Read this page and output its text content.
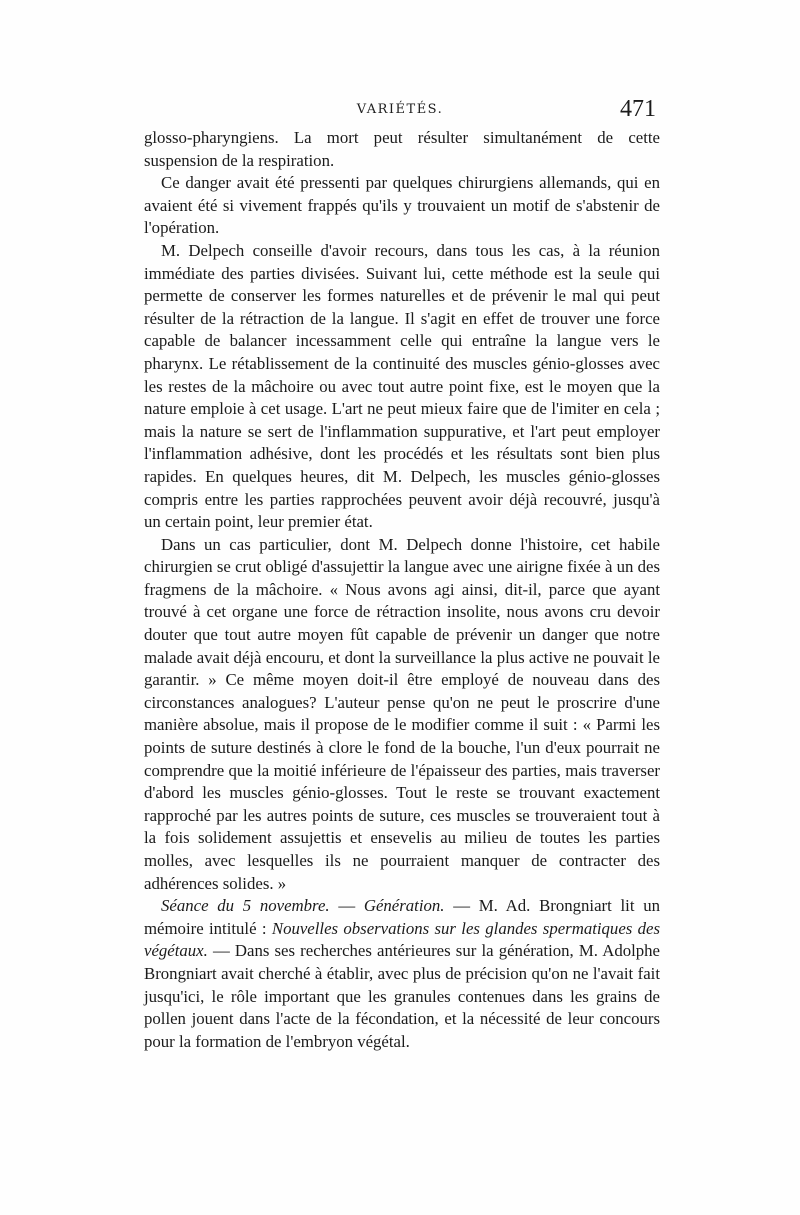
VARIÉTÉS.	471

glosso-pharyngiens. La mort peut résulter simultanément de cette suspension de la respiration.

Ce danger avait été pressenti par quelques chirurgiens allemands, qui en avaient été si vivement frappés qu'ils y trouvaient un motif de s'abstenir de l'opération.

M. Delpech conseille d'avoir recours, dans tous les cas, à la réunion immédiate des parties divisées. Suivant lui, cette méthode est la seule qui permette de conserver les formes naturelles et de prévenir le mal qui peut résulter de la rétraction de la langue. Il s'agit en effet de trouver une force capable de balancer incessamment celle qui entraîne la langue vers le pharynx. Le rétablissement de la continuité des muscles génio-glosses avec les restes de la mâchoire ou avec tout autre point fixe, est le moyen que la nature emploie à cet usage. L'art ne peut mieux faire que de l'imiter en cela ; mais la nature se sert de l'inflammation suppurative, et l'art peut employer l'inflammation adhésive, dont les procédés et les résultats sont bien plus rapides. En quelques heures, dit M. Delpech, les muscles génio-glosses compris entre les parties rapprochées peuvent avoir déjà recouvré, jusqu'à un certain point, leur premier état.

Dans un cas particulier, dont M. Delpech donne l'histoire, cet habile chirurgien se crut obligé d'assujettir la langue avec une airigne fixée à un des fragmens de la mâchoire. « Nous avons agi ainsi, dit-il, parce que ayant trouvé à cet organe une force de rétraction insolite, nous avons cru devoir douter que tout autre moyen fût capable de prévenir un danger que notre malade avait déjà encouru, et dont la surveillance la plus active ne pouvait le garantir. » Ce même moyen doit-il être employé de nouveau dans des circonstances analogues? L'auteur pense qu'on ne peut le proscrire d'une manière absolue, mais il propose de le modifier comme il suit : « Parmi les points de suture destinés à clore le fond de la bouche, l'un d'eux pourrait ne comprendre que la moitié inférieure de l'épaisseur des parties, mais traverser d'abord les muscles génio-glosses. Tout le reste se trouvant exactement rapproché par les autres points de suture, ces muscles se trouveraient tout à la fois solidement assujettis et ensevelis au milieu de toutes les parties molles, avec lesquelles ils ne pourraient manquer de contracter des adhérences solides. »

Séance du 5 novembre. — Génération. — M. Ad. Brongniart lit un mémoire intitulé : Nouvelles observations sur les glandes spermatiques des végétaux. — Dans ses recherches antérieures sur la génération, M. Adolphe Brongniart avait cherché à établir, avec plus de précision qu'on ne l'avait fait jusqu'ici, le rôle important que les granules contenues dans les grains de pollen jouent dans l'acte de la fécondation, et la nécessité de leur concours pour la formation de l'embryon végétal.
